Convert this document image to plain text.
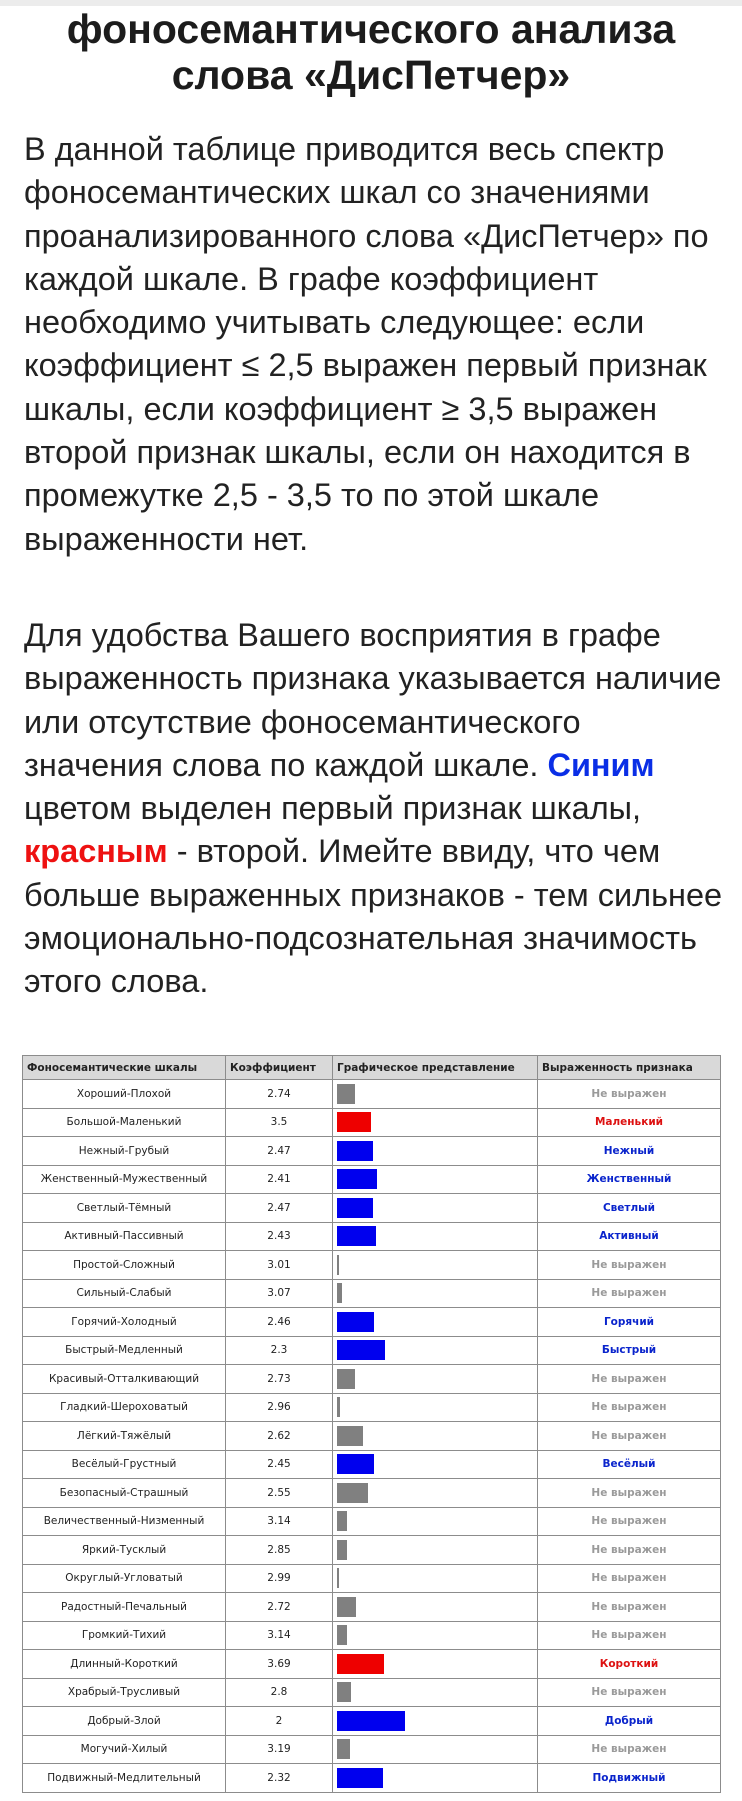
фоносемантического анализа
слова «ДисПетчер»

В данной таблице приводится весь спектр фоносемантических шкал со значениями проанализированного слова «ДисПетчер» по каждой шкале. В графе коэффициент необходимо учитывать следующее: если коэффициент ≤ 2,5 выражен первый признак шкалы, если коэффициент ≥ 3,5 выражен второй признак шкалы, если он находится в промежутке 2,5 - 3,5 то по этой шкале выраженности нет.

Для удобства Вашего восприятия в графе выраженность признака указывается наличие или отсутствие фоносемантического значения слова по каждой шкале. Синим цветом выделен первый признак шкалы, красным - второй. Имейте ввиду, что чем больше выраженных признаков - тем сильнее эмоционально-подсознательная значимость этого слова.

Фоносемантические шкалы	Коэффициент	Графическое представление	Выраженность признака
Хороший-Плохой	2.74		Не выражен
Большой-Маленький	3.5		Маленький
Нежный-Грубый	2.47		Нежный
Женственный-Мужественный	2.41		Женственный
Светлый-Тёмный	2.47		Светлый
Активный-Пассивный	2.43		Активный
Простой-Сложный	3.01		Не выражен
Сильный-Слабый	3.07		Не выражен
Горячий-Холодный	2.46		Горячий
Быстрый-Медленный	2.3		Быстрый
Красивый-Отталкивающий	2.73		Не выражен
Гладкий-Шероховатый	2.96		Не выражен
Лёгкий-Тяжёлый	2.62		Не выражен
Весёлый-Грустный	2.45		Весёлый
Безопасный-Страшный	2.55		Не выражен
Величественный-Низменный	3.14		Не выражен
Яркий-Тусклый	2.85		Не выражен
Округлый-Угловатый	2.99		Не выражен
Радостный-Печальный	2.72		Не выражен
Громкий-Тихий	3.14		Не выражен
Длинный-Короткий	3.69		Короткий
Храбрый-Трусливый	2.8		Не выражен
Добрый-Злой	2		Добрый
Могучий-Хилый	3.19		Не выражен
Подвижный-Медлительный	2.32		Подвижный
